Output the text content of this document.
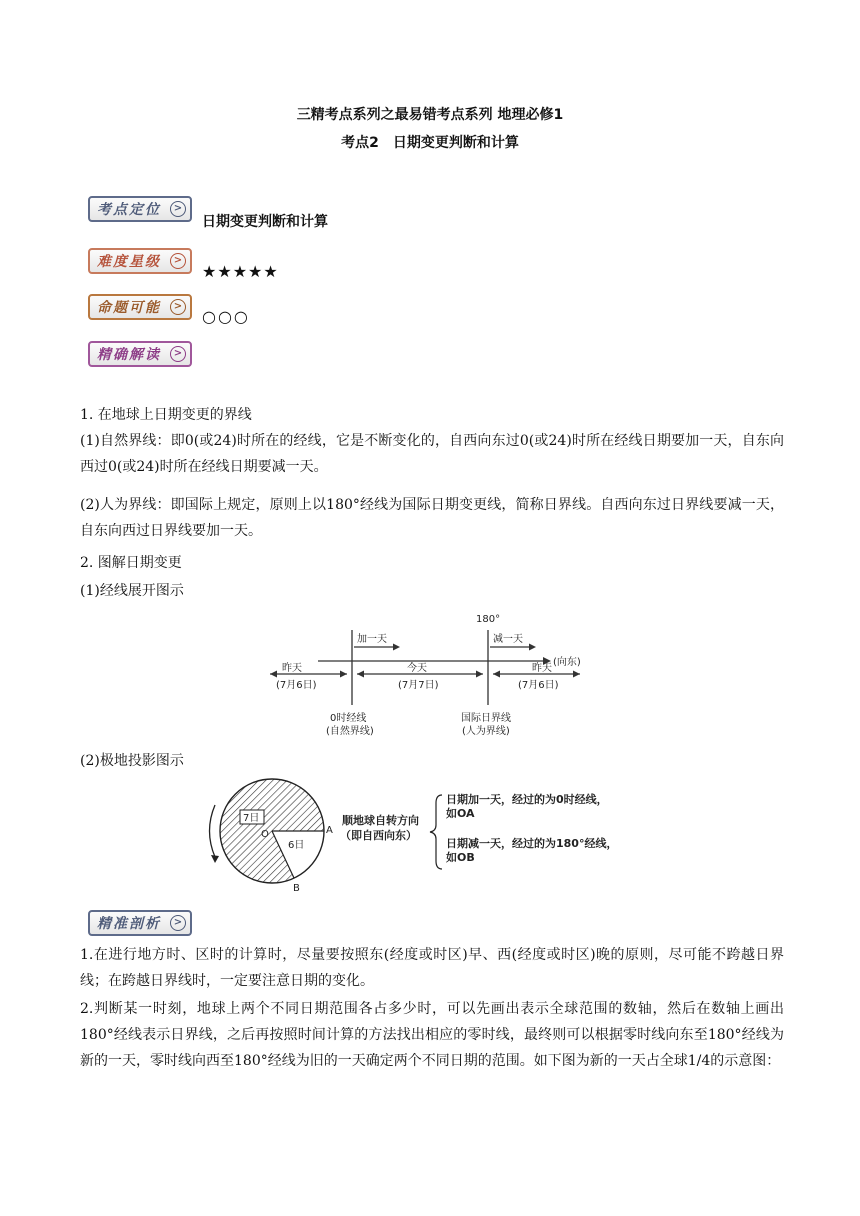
三精考点系列之最易错考点系列 地理必修1
考点2　日期变更判断和计算
考点定位	>
日期变更判断和计算
难度星级	>
★★★★★
命题可能	>
○○○
精确解读	>

1. 在地球上日期变更的界线

(1)自然界线：即0(或24)时所在的经线，它是不断变化的，自西向东过0(或24)时所在经线日期要加一天，自东向西过0(或24)时所在经线日期要减一天。

(2)人为界线：即国际上规定，原则上以180°经线为国际日期变更线，简称日界线。自西向东过日界线要减一天，自东向西过日界线要加一天。

2. 图解日期变更

(1)经线展开图示

180°
加一天	减一天
(向东)
昨天
(7月6日)
今天
(7月7日)
昨天
(7月6日)
0时经线
(自然界线)
国际日界线
(人为界线)

(2)极地投影图示

7日
6日
O	A
B
顺地球自转方向
（即自西向东）
日期加一天，经过的为0时经线，
如OA
日期减一天，经过的为180°经线，
如OB
精准剖析	>

1.在进行地方时、区时的计算时，尽量要按照东(经度或时区)早、西(经度或时区)晚的原则，尽可能不跨越日界线；在跨越日界线时，一定要注意日期的变化。

2.判断某一时刻，地球上两个不同日期范围各占多少时，可以先画出表示全球范围的数轴，然后在数轴上画出180°经线表示日界线，之后再按照时间计算的方法找出相应的零时线，最终则可以根据零时线向东至180°经线为新的一天，零时线向西至180°经线为旧的一天确定两个不同日期的范围。如下图为新的一天占全球1/4的示意图：
